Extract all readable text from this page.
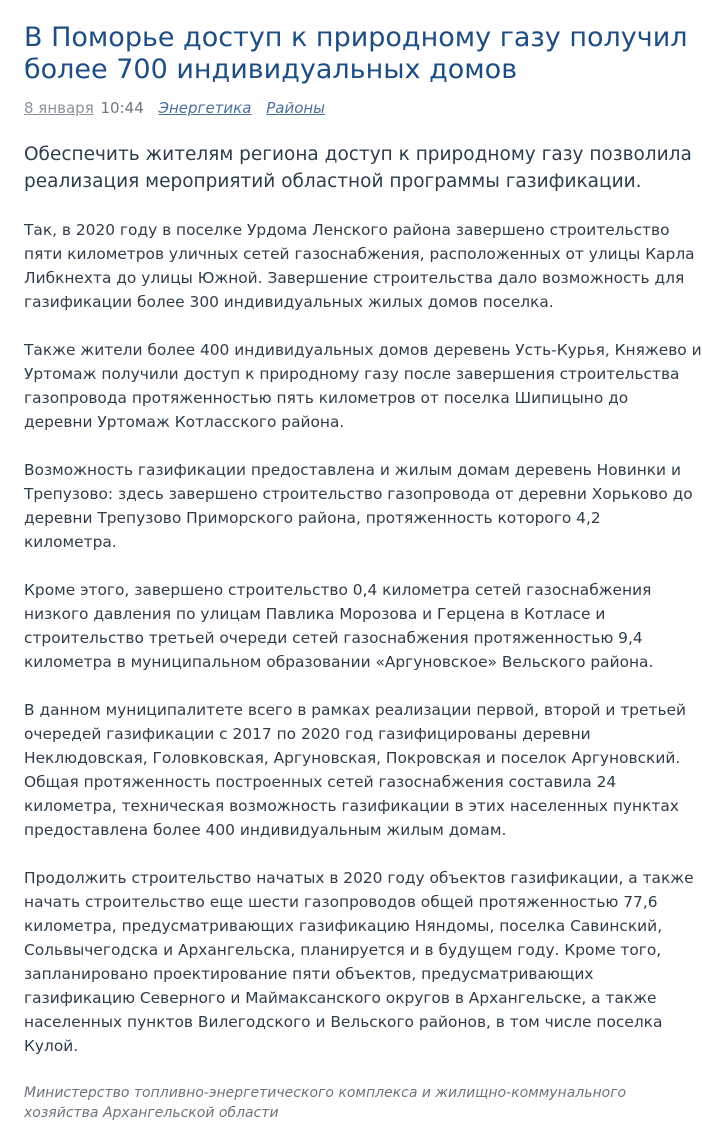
В Поморье доступ к природному газу получил
более 700 индивидуальных домов
8 января 10:44 Энергетика Районы

Обеспечить жителям региона доступ к природному газу позволила
реализация мероприятий областной программы газификации.

Так, в 2020 году в поселке Урдома Ленского района завершено строительство
пяти километров уличных сетей газоснабжения, расположенных от улицы Карла
Либкнехта до улицы Южной. Завершение строительства дало возможность для
газификации более 300 индивидуальных жилых домов поселка.

Также жители более 400 индивидуальных домов деревень Усть-Курья, Княжево и
Уртомаж получили доступ к природному газу после завершения строительства
газопровода протяженностью пять километров от поселка Шипицыно до
деревни Уртомаж Котласского района.

Возможность газификации предоставлена и жилым домам деревень Новинки и
Трепузово: здесь завершено строительство газопровода от деревни Хорьково до
деревни Трепузово Приморского района, протяженность которого 4,2
километра.

Кроме этого, завершено строительство 0,4 километра сетей газоснабжения
низкого давления по улицам Павлика Морозова и Герцена в Котласе и
строительство третьей очереди сетей газоснабжения протяженностью 9,4
километра в муниципальном образовании «Аргуновское» Вельского района.

В данном муниципалитете всего в рамках реализации первой, второй и третьей
очередей газификации с 2017 по 2020 год газифицированы деревни
Неклюдовская, Головковская, Аргуновская, Покровская и поселок Аргуновский.
Общая протяженность построенных сетей газоснабжения составила 24
километра, техническая возможность газификации в этих населенных пунктах
предоставлена более 400 индивидуальным жилым домам.

Продолжить строительство начатых в 2020 году объектов газификации, а также
начать строительство еще шести газопроводов общей протяженностью 77,6
километра, предусматривающих газификацию Няндомы, поселка Савинский,
Сольвычегодска и Архангельска, планируется и в будущем году. Кроме того,
запланировано проектирование пяти объектов, предусматривающих
газификацию Северного и Маймаксанского округов в Архангельске, а также
населенных пунктов Вилегодского и Вельского районов, в том числе поселка
Кулой.

Министерство топливно-энергетического комплекса и жилищно-коммунального
хозяйства Архангельской области
